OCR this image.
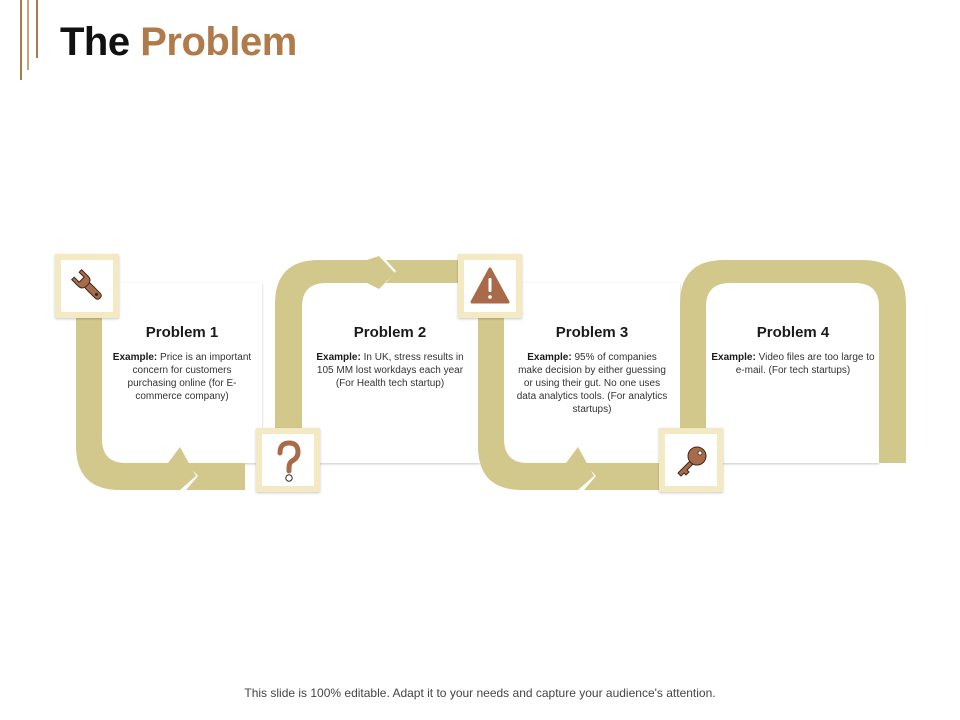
The Problem
Problem 1
Example: Price is an important concern for customers purchasing online (for E-commerce company)
Problem 2
Example: In UK, stress results in 105 MM lost workdays each year (For Health tech startup)
Problem 3
Example: 95% of companies make decision by either guessing or using their gut. No one uses data analytics tools. (For analytics startups)
Problem 4
Example: Video files are too large to e-mail. (For tech startups)
This slide is 100% editable. Adapt it to your needs and capture your audience's attention.
